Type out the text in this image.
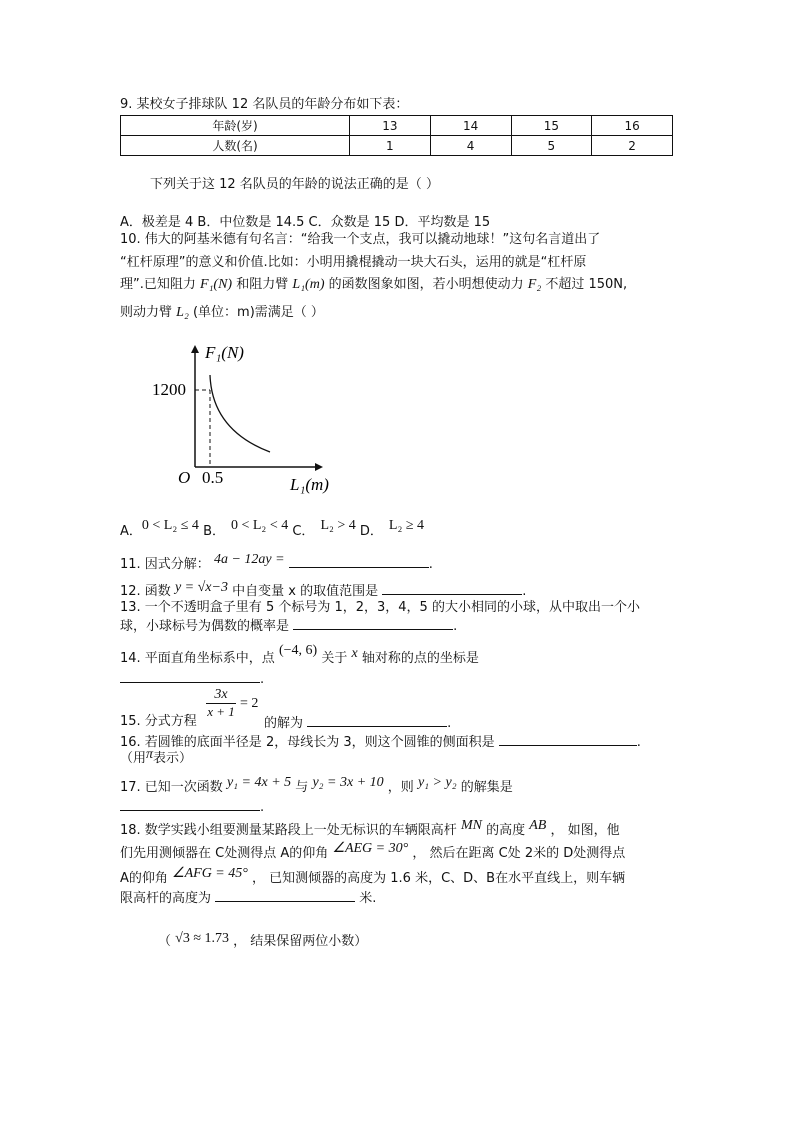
9. 某校女子排球队 12 名队员的年龄分布如下表：
年龄(岁)	13	14	15	16
人数(名)	1	4	5	2
下列关于这 12 名队员的年龄的说法正确的是（ ）
A．极差是 4 B．中位数是 14.5 C．众数是 15 D．平均数是 15
10. 伟大的阿基米德有句名言：“给我一个支点，我可以撬动地球！”这句名言道出了
“杠杆原理”的意义和价值.比如：小明用撬棍撬动一块大石头，运用的就是“杠杆原
理”.已知阻力 F₁(N) 和阻力臂 L₁(m) 的函数图象如图，若小明想使动力 F₂ 不超过 150N,
则动力臂 L₂ (单位：m)需满足（ ）
F₁(N)
1200
O 0.5	L₁(m)
A．0 < L₂ ≤ 4 B． 0 < L₂ < 4 C． L₂ > 4 D． L₂ ≥ 4
11. 因式分解： 4a − 12ay =	.
12. 函数 y = √x−3 中自变量 x 的取值范围是	.
13. 一个不透明盒子里有 5 个标号为 1，2，3，4，5 的大小相同的小球，从中取出一个小
球，小球标号为偶数的概率是	.
14. 平面直角坐标系中，点 (−4, 6) 关于 x 轴对称的点的坐标是
.
15. 分式方程
$\frac{3x}{x + 1} = 2$
的解为	.
16. 若圆锥的底面半径是 2，母线长为 3，则这个圆锥的侧面积是	.
（用π表示）
17. 已知一次函数 y₁ = 4x + 5 与 y₂ = 3x + 10 ，则 y₁ > y₂ 的解集是
.
18. 数学实践小组要测量某路段上一处无标识的车辆限高杆 MN 的高度 AB ， 如图，他
们先用测倾器在 C处测得点 A的仰角 ∠AEG = 30° ， 然后在距离 C处 2米的 D处测得点
A的仰角 ∠AFG = 45° ， 已知测倾器的高度为 1.6 米，C、D、B在水平直线上，则车辆
限高杆的高度为	米.
（ √3 ≈ 1.73 ， 结果保留两位小数）
